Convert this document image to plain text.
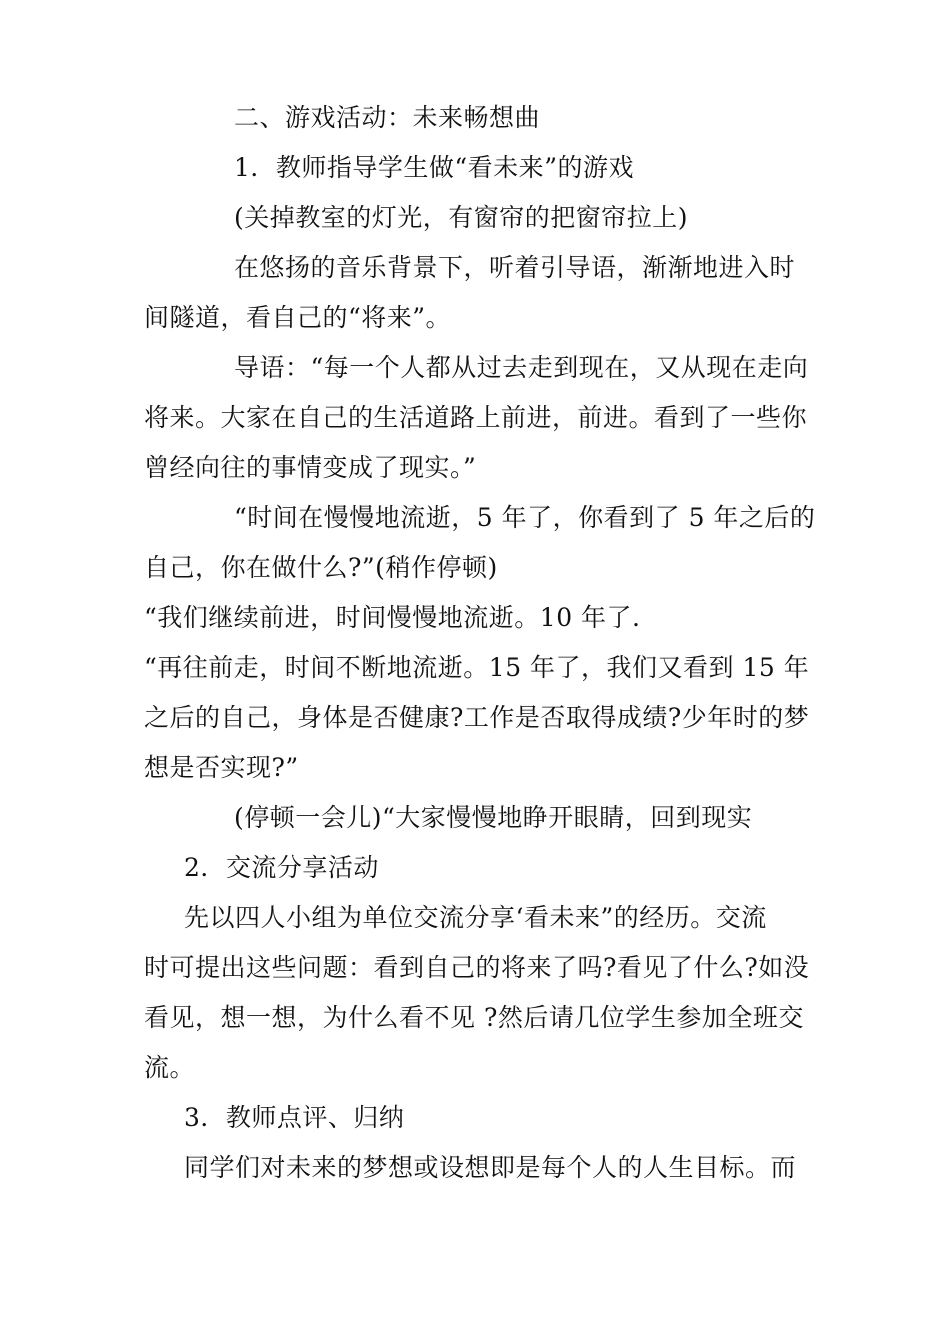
二、游戏活动：未来畅想曲
1．教师指导学生做“看未来”的游戏
(关掉教室的灯光，有窗帘的把窗帘拉上)
在悠扬的音乐背景下，听着引导语，渐渐地进入时
间隧道，看自己的“将来”。
导语：“每一个人都从过去走到现在，又从现在走向
将来。大家在自己的生活道路上前进，前进。看到了一些你
曾经向往的事情变成了现实。”
“时间在慢慢地流逝，5 年了，你看到了 5 年之后的
自己，你在做什么?”(稍作停顿)
“我们继续前进，时间慢慢地流逝。10 年了.
“再往前走，时间不断地流逝。15 年了，我们又看到 15 年
之后的自己，身体是否健康?工作是否取得成绩?少年时的梦
想是否实现?”
(停顿一会儿)“大家慢慢地睁开眼睛，回到现实
2．交流分享活动
先以四人小组为单位交流分享‘看未来”的经历。交流
时可提出这些问题：看到自己的将来了吗?看见了什么?如没
看见，想一想，为什么看不见 ?然后请几位学生参加全班交
流。
3．教师点评、归纳
同学们对未来的梦想或设想即是每个人的人生目标。而
